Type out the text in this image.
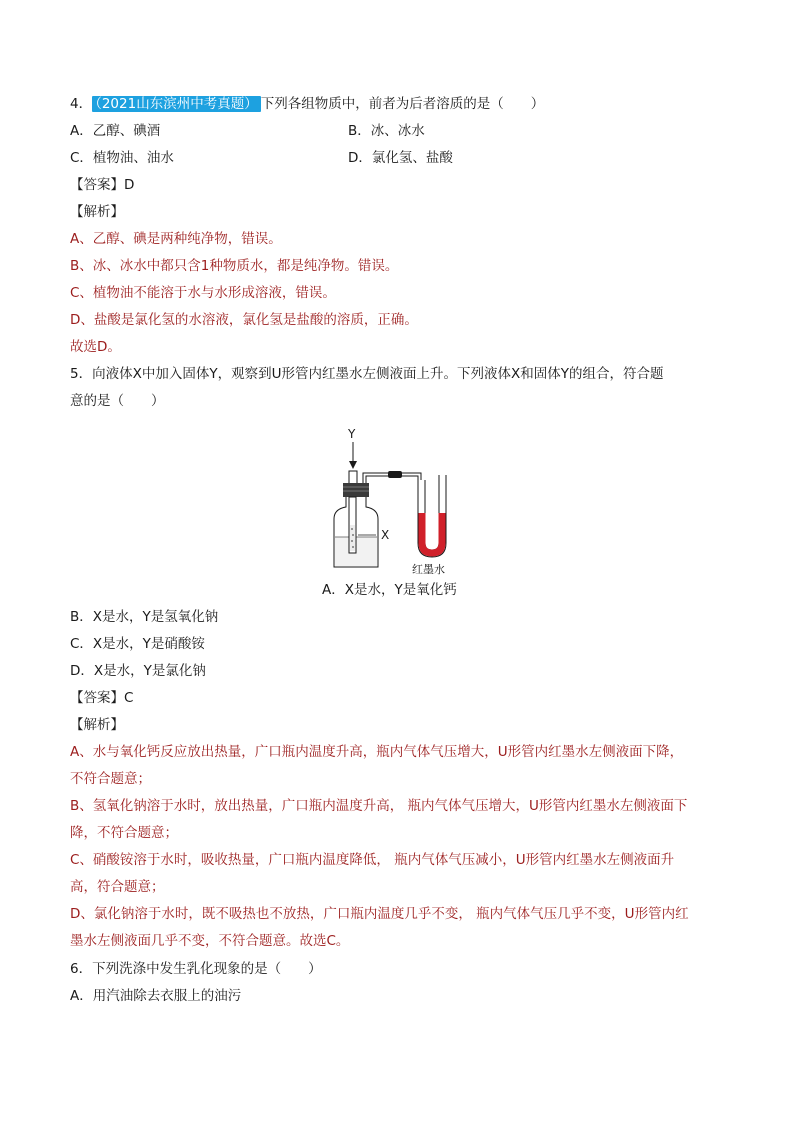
4． （2021山东滨州中考真题） 下列各组物质中，前者为后者溶质的是（　　）
A．乙醇、碘酒	B．冰、冰水
C．植物油、油水	D．氯化氢、盐酸
【答案】D
【解析】
A、乙醇、碘是两种纯净物，错误。
B、冰、冰水中都只含1种物质水，都是纯净物。错误。
C、植物油不能溶于水与水形成溶液，错误。
D、盐酸是氯化氢的水溶液，氯化氢是盐酸的溶质，正确。
故选D。
5．向液体X中加入固体Y，观察到U形管内红墨水左侧液面上升。下列液体X和固体Y的组合，符合题
意的是（　　）
Y
X
红墨水
A．X是水，Y是氧化钙
B．X是水，Y是氢氧化钠
C．X是水，Y是硝酸铵
D．X是水，Y是氯化钠
【答案】C
【解析】
A、水与氧化钙反应放出热量，广口瓶内温度升高，瓶内气体气压增大，U形管内红墨水左侧液面下降，
不符合题意；
B、氢氧化钠溶于水时，放出热量，广口瓶内温度升高， 瓶内气体气压增大，U形管内红墨水左侧液面下
降，不符合题意；
C、硝酸铵溶于水时，吸收热量，广口瓶内温度降低， 瓶内气体气压减小，U形管内红墨水左侧液面升
高，符合题意；
D、氯化钠溶于水时，既不吸热也不放热，广口瓶内温度几乎不变， 瓶内气体气压几乎不变，U形管内红
墨水左侧液面几乎不变，不符合题意。故选C。
6．下列洗涤中发生乳化现象的是（　　）
A．用汽油除去衣服上的油污
